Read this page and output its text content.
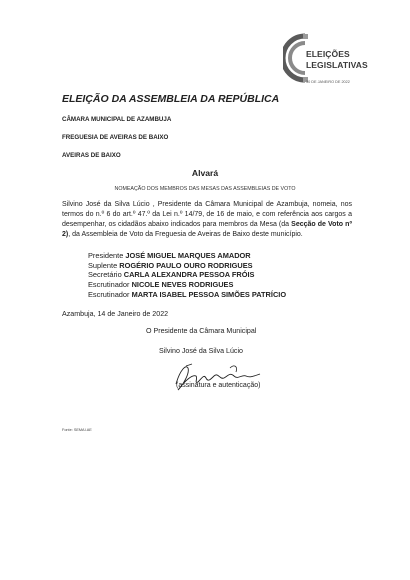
ELEIÇÕES
LEGISLATIVAS
30 DE JANEIRO DE 2022
ELEIÇÃO DA ASSEMBLEIA DA REPÚBLICA
CÂMARA MUNICIPAL DE AZAMBUJA
FREGUESIA DE AVEIRAS DE BAIXO
AVEIRAS DE BAIXO
Alvará
NOMEAÇÃO DOS MEMBROS DAS MESAS DAS ASSEMBLEIAS DE VOTO
Silvino José da Silva Lúcio , Presidente da Câmara Municipal de Azambuja, nomeia, nos termos do n.º 6 do art.º 47.º da Lei n.º 14/79, de 16 de maio, e com referência aos cargos a desempenhar, os cidadãos abaixo indicados para membros da Mesa (da Secção de Voto nº 2), da Assembleia de Voto da Freguesia de Aveiras de Baixo deste município.
Presidente JOSÉ MIGUEL MARQUES AMADOR
Suplente ROGÉRIO PAULO OURO RODRIGUES
Secretário CARLA ALEXANDRA PESSOA FRÓIS
Escrutinador NICOLE NEVES RODRIGUES
Escrutinador MARTA ISABEL PESSOA SIMÕES PATRÍCIO
Azambuja, 14 de Janeiro de 2022
O Presidente da Câmara Municipal
Silvino José da Silva Lúcio
(assinatura e autenticação)
Fonte: SEMAI.AE
